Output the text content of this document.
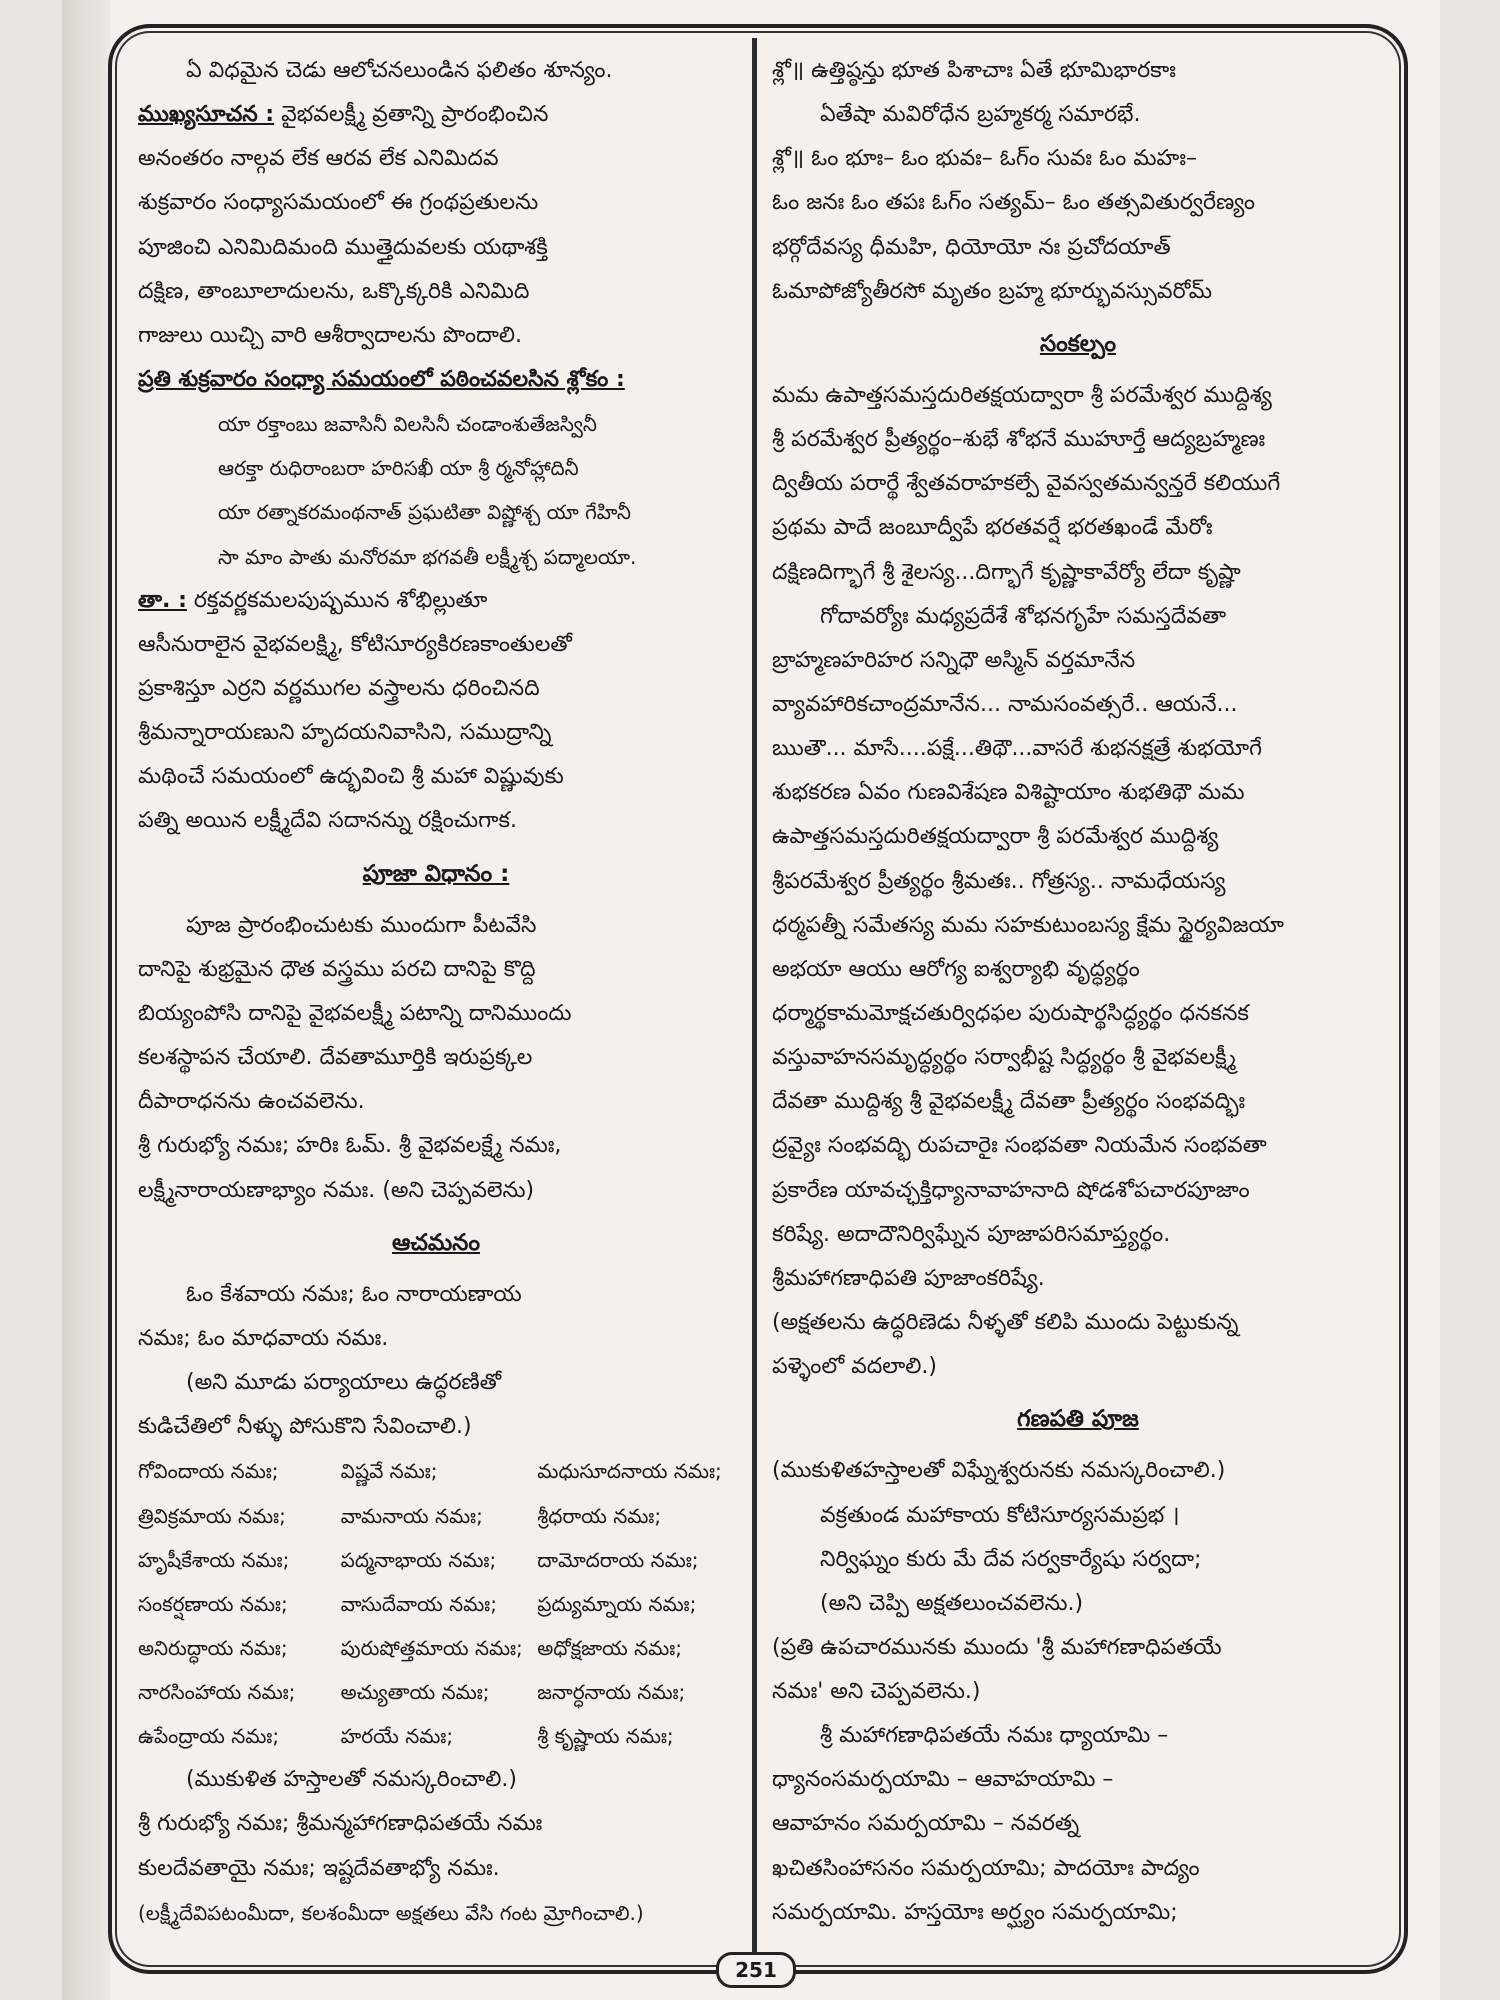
ఏ విధమైన చెడు ఆలోచనలుండిన ఫలితం శూన్యం.
ముఖ్యసూచన : వైభవలక్ష్మీ వ్రతాన్ని ప్రారంభించిన
అనంతరం నాల్గవ లేక ఆరవ లేక ఎనిమిదవ
శుక్రవారం సంధ్యాసమయంలో ఈ గ్రంథప్రతులను
పూజించి ఎనిమిదిమంది ముత్తైదువలకు యథాశక్తి
దక్షిణ, తాంబూలాదులను, ఒక్కొక్కరికి ఎనిమిది
గాజులు యిచ్చి వారి ఆశీర్వాదాలను పొందాలి.
ప్రతి శుక్రవారం సంధ్యా సమయంలో పఠించవలసిన శ్లోకం :
యా రక్తాంబు జవాసినీ విలసినీ చండాంశుతేజస్వినీ
ఆరక్తా రుధిరాంబరా హరిసఖీ యా శ్రీ ర్మనోహ్లాదినీ
యా రత్నాకరమంథనాత్ ప్రఘటితా విష్ణోశ్చ యా గేహినీ
సా మాం పాతు మనోరమా భగవతీ లక్ష్మీశ్చ పద్మాలయా.
తా. : రక్తవర్ణకమలపుష్పమున శోభిల్లుతూ
ఆసీనురాలైన వైభవలక్ష్మి, కోటిసూర్యకిరణకాంతులతో
ప్రకాశిస్తూ ఎర్రని వర్ణముగల వస్త్రాలను ధరించినది
శ్రీమన్నారాయణుని హృదయనివాసిని, సముద్రాన్ని
మథించే సమయంలో ఉద్భవించి శ్రీ మహా విష్ణువుకు
పత్ని అయిన లక్ష్మీదేవి సదానన్ను రక్షించుగాక.
పూజా విధానం :
పూజ ప్రారంభించుటకు ముందుగా పీటవేసి
దానిపై శుభ్రమైన ధౌత వస్త్రము పరచి దానిపై కొద్ది
బియ్యంపోసి దానిపై వైభవలక్ష్మీ పటాన్ని దానిముందు
కలశస్థాపన చేయాలి. దేవతామూర్తికి ఇరుప్రక్కల
దీపారాధనను ఉంచవలెను.
శ్రీ గురుభ్యో నమః; హరిః ఓమ్. శ్రీ వైభవలక్ష్మే నమః,
లక్ష్మీనారాయణాభ్యాం నమః. (అని చెప్పవలెను)
ఆచమనం
ఓం కేశవాయ నమః; ఓం నారాయణాయ
నమః; ఓం మాధవాయ నమః.
(అని మూడు పర్యాయాలు ఉద్ధరణితో
కుడిచేతిలో నీళ్ళు పోసుకొని సేవించాలి.)
గోవిందాయ నమః;	విష్ణవే నమః;	మధుసూదనాయ నమః;
త్రివిక్రమాయ నమః;	వామనాయ నమః;	శ్రీధరాయ నమః;
హృషీకేశాయ నమః;	పద్మనాభాయ నమః;	దామోదరాయ నమః;
సంకర్షణాయ నమః;	వాసుదేవాయ నమః;	ప్రద్యుమ్నాయ నమః;
అనిరుద్ధాయ నమః;	పురుషోత్తమాయ నమః; అధోక్షజాయ నమః;
నారసింహాయ నమః;	అచ్యుతాయ నమః;	జనార్ధనాయ నమః;
ఉపేంద్రాయ నమః;	హరయే నమః;	శ్రీ కృష్ణాయ నమః;
(ముకుళిత హస్తాలతో నమస్కరించాలి.)
శ్రీ గురుభ్యో నమః; శ్రీమన్మహాగణాధిపతయే నమః
కులదేవతాయై నమః; ఇష్టదేవతాభ్యో నమః.
(లక్ష్మీదేవిపటంమీదా, కలశంమీదా అక్షతలు వేసి గంట మ్రోగించాలి.)
శ్లో॥ ఉత్తిష్ఠన్తు భూత పిశాచాః ఏతే భూమిభారకాః
ఏతేషా మవిరోధేన బ్రహ్మకర్మ సమారభే.
శ్లో॥ ఓం భూః– ఓం భువః– ఓగ్ం సువః ఓం మహః–
ఓం జనః ఓం తపః ఓగ్ం సత్యమ్– ఓం తత్సవితుర్వరేణ్యం
భర్గోదేవస్య ధీమహి, ధియోయో నః ప్రచోదయాత్
ఓమాపోజ్యోతీరసో మృతం బ్రహ్మ భూర్భువస్సువరోమ్
సంకల్పం
మమ ఉపాత్తసమస్తదురితక్షయద్వారా శ్రీ పరమేశ్వర ముద్దిశ్య
శ్రీ పరమేశ్వర ప్రీత్యర్థం–శుభే శోభనే ముహూర్తే ఆద్యబ్రహ్మణః
ద్వితీయ పరార్థే శ్వేతవరాహకల్పే వైవస్వతమన్వన్తరే కలియుగే
ప్రథమ పాదే జంబూద్వీపే భరతవర్షే భరతఖండే మేరోః
దక్షిణదిగ్భాగే శ్రీ శైలస్య...దిగ్భాగే కృష్ణాకావేర్యో లేదా కృష్ణా
గోదావర్యోః మధ్యప్రదేశే శోభనగృహే సమస్తదేవతా
బ్రాహ్మణహరిహర సన్నిధౌ అస్మిన్ వర్తమానేన
వ్యావహారికచాంద్రమానేన... నామసంవత్సరే.. ఆయనే...
ఋతౌ... మాసే....పక్షే...తిథౌ...వాసరే శుభనక్షత్రే శుభయోగే
శుభకరణ ఏవం గుణవిశేషణ విశిష్టాయాం శుభతిథౌ మమ
ఉపాత్తసమస్తదురితక్షయద్వారా శ్రీ పరమేశ్వర ముద్దిశ్య
శ్రీపరమేశ్వర ప్రీత్యర్థం శ్రీమతః.. గోత్రస్య.. నామధేయస్య
ధర్మపత్నీ సమేతస్య మమ సహకుటుంబస్య క్షేమ స్థైర్యవిజయా
అభయా ఆయు ఆరోగ్య ఐశ్వర్యాభి వృద్ధ్యర్థం
ధర్మార్థకామమోక్షచతుర్విధఫల పురుషార్థసిద్ధ్యర్థం ధనకనక
వస్తువాహనసమృద్ధ్యర్థం సర్వాభీష్ట సిద్ధ్యర్థం శ్రీ వైభవలక్ష్మీ
దేవతా ముద్దిశ్య శ్రీ వైభవలక్ష్మీ దేవతా ప్రీత్యర్థం సంభవద్భిః
ద్రవ్యైః సంభవద్భి రుపచారైః సంభవతా నియమేన సంభవతా
ప్రకారేణ యావచ్ఛక్తిధ్యానావాహనాది షోడశోపచారపూజాం
కరిష్యే. అదాదౌనిర్విఘ్నేన పూజాపరిసమాప్త్యర్థం.
శ్రీమహాగణాధిపతి పూజాంకరిష్యే.
(అక్షతలను ఉద్ధరిణెడు నీళ్ళతో కలిపి ముందు పెట్టుకున్న
పళ్ళెంలో వదలాలి.)
గణపతి పూజ
(ముకుళితహస్తాలతో విఘ్నేశ్వరునకు నమస్కరించాలి.)
వక్రతుండ మహాకాయ కోటిసూర్యసమప్రభ ।
నిర్విఘ్నం కురు మే దేవ సర్వకార్యేషు సర్వదా;
(అని చెప్పి అక్షతలుంచవలెను.)
(ప్రతి ఉపచారమునకు ముందు 'శ్రీ మహాగణాధిపతయే
నమః' అని చెప్పవలెను.)
శ్రీ మహాగణాధిపతయే నమః ధ్యాయామి –
ధ్యానంసమర్పయామి – ఆవాహయామి –
ఆవాహనం సమర్పయామి – నవరత్న
ఖచితసింహాసనం సమర్పయామి; పాదయోః పాద్యం
సమర్పయామి. హస్తయోః అర్ఘ్యం సమర్పయామి;
251
